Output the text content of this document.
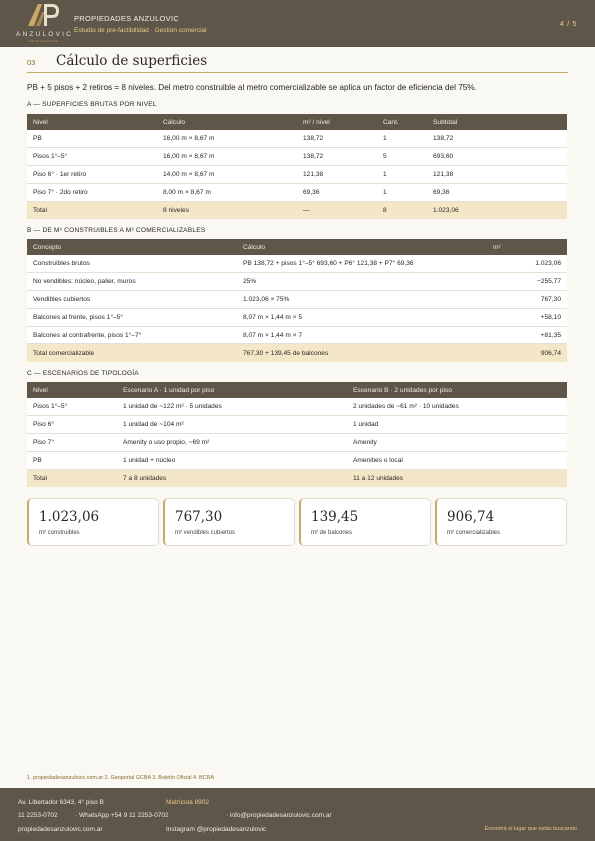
ANZULOVIC
PROPIEDADES
PROPIEDADES ANZULOVIC
Estudio de pre-factibilidad · Gestión comercial
4 / 5
03 Cálculo de superficies
PB + 5 pisos + 2 retiros = 8 niveles. Del metro construible al metro comercializable se aplica un factor de eficiencia del 75%.
A — SUPERFICIES BRUTAS POR NIVEL
Nivel	Cálculo	m² / nivel	Cant.	Subtotal
PB	16,00 m × 8,67 m	138,72	1	138,72
Pisos 1°–5°	16,00 m × 8,67 m	138,72	5	693,60
Piso 6° · 1er retiro	14,00 m × 8,67 m	121,38	1	121,38
Piso 7° · 2do retiro	8,00 m × 8,67 m	69,36	1	69,36
Total	8 niveles	—	8	1.023,06
B — DE M² CONSTRUIBLES A M² COMERCIALIZABLES
Concepto	Cálculo	m²
Construibles brutos	PB 138,72 + pisos 1°–5° 693,60 + P6° 121,38 + P7° 69,36	1.023,06
No vendibles: núcleo, palier, muros	25%	−255,77
Vendibles cubiertos	1.023,06 × 75%	767,30
Balcones al frente, pisos 1°–5°	8,07 m × 1,44 m × 5	+58,10
Balcones al contrafrente, pisos 1°–7°	8,07 m × 1,44 m × 7	+81,35
Total comercializable	767,30 + 139,45 de balcones	906,74
C — ESCENARIOS DE TIPOLOGÍA
Nivel	Escenario A · 1 unidad por piso	Escenario B · 2 unidades por piso
Pisos 1°–5°	1 unidad de ~122 m² · 5 unidades	2 unidades de ~61 m² · 10 unidades
Piso 6°	1 unidad de ~104 m²	1 unidad
Piso 7°	Amenity o uso propio, ~69 m²	Amenity
PB	1 unidad + núcleo	Amenities o local
Total	7 a 8 unidades	11 a 12 unidades
1.023,06
m² construibles
767,30
m² vendibles cubiertos
139,45
m² de balcones
906,74
m² comercializables
1. propiedadesanzulovic.com.ar 2. Geoportal GCBA 3. Boletín Oficial 4. BCRA
Av. Libertador 6343, 4° piso B	Matrícula 8902
11 2253-0702	· WhatsApp +54 9 11 2253-0702	· info@propiedadesanzulovic.com.ar
propiedadesanzulovic.com.ar	Instagram @propiedadesanzulovic	Encontrá el lugar que estás buscando
